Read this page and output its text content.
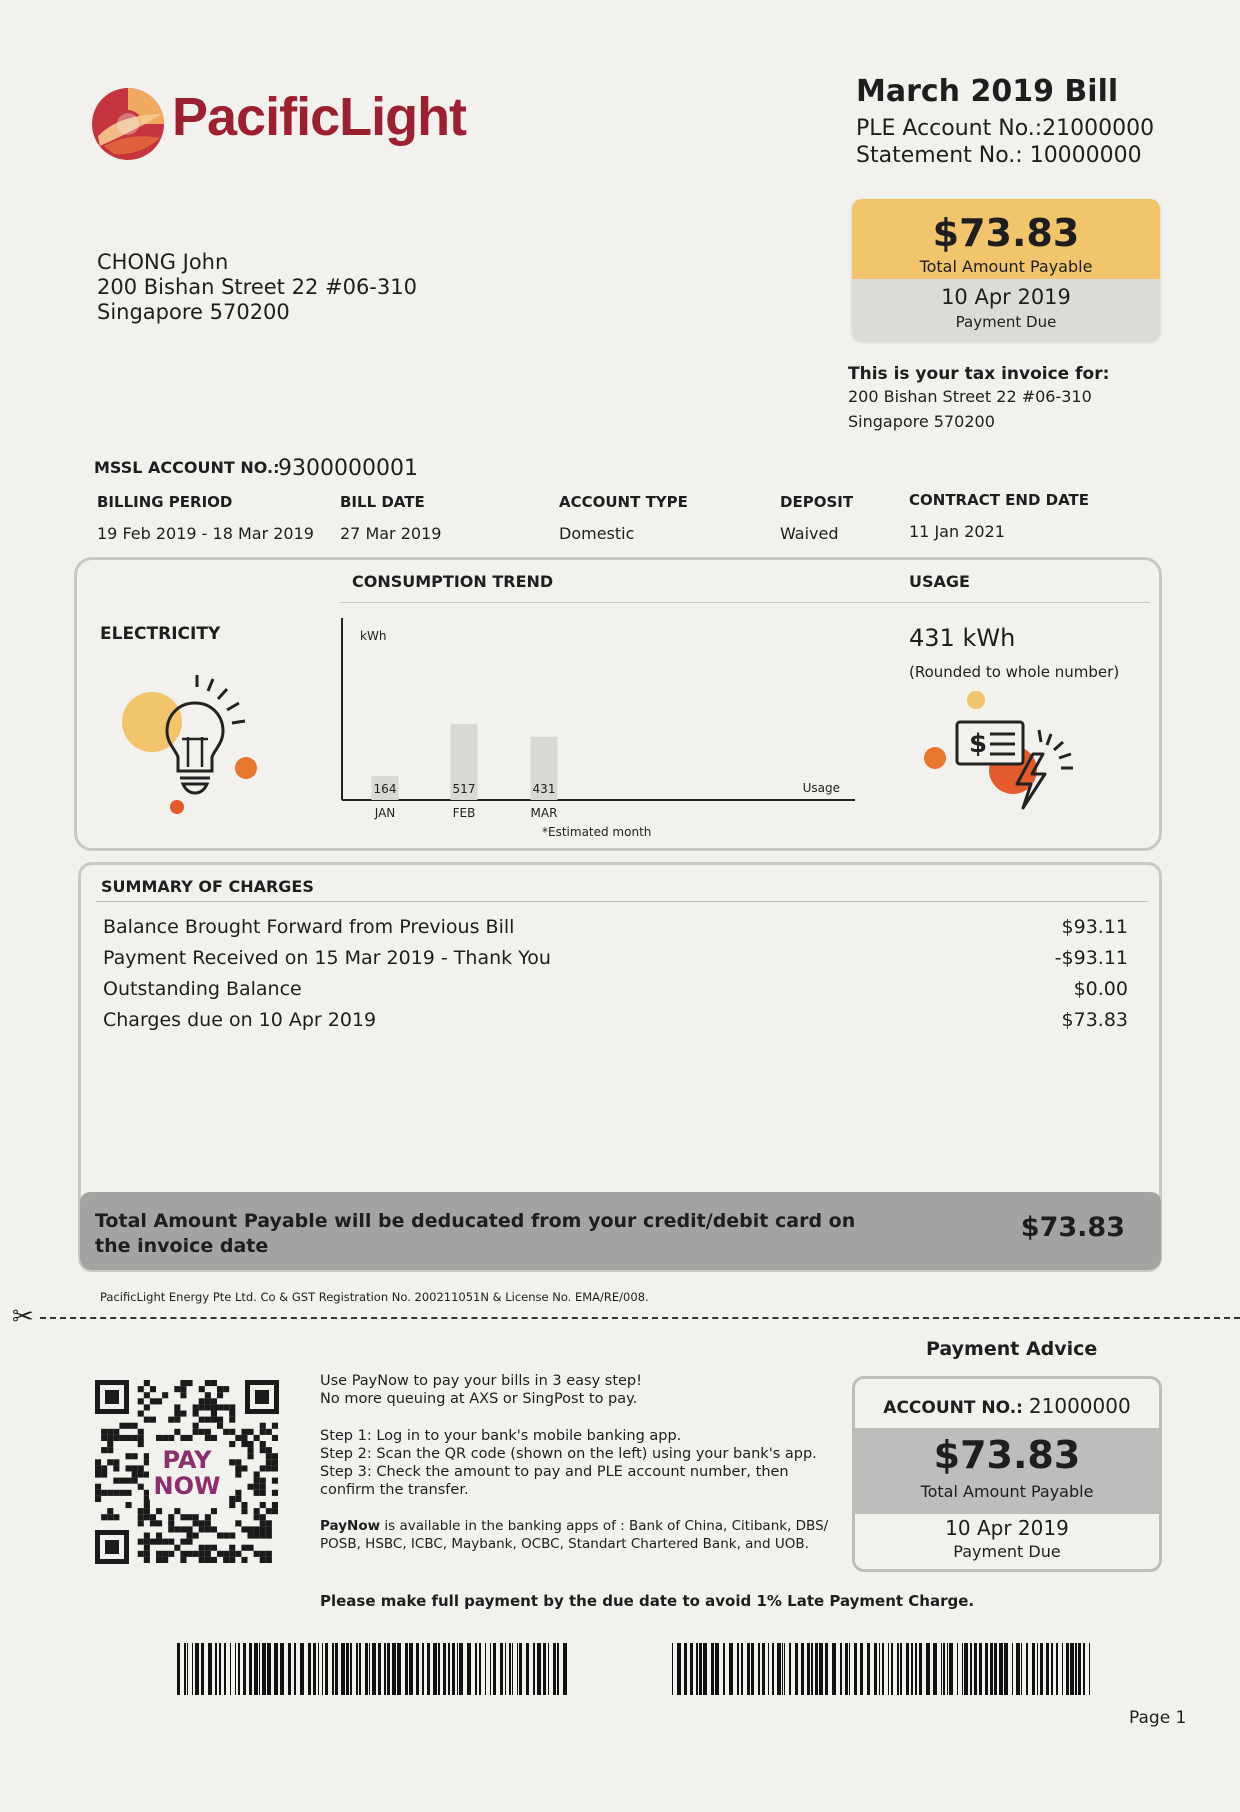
PacificLight	March 2019 Bill
PLE Account No.:21000000
Statement No.: 10000000
CHONG John
200 Bishan Street 22 #06-310
Singapore 570200
$73.83
Total Amount Payable
10 Apr 2019
Payment Due
This is your tax invoice for:
200 Bishan Street 22 #06-310
Singapore 570200
MSSL ACCOUNT NO.:
9300000001
BILLING PERIOD
19 Feb 2019 - 18 Mar 2019
BILL DATE
27 Mar 2019
ACCOUNT TYPE
Domestic
DEPOSIT
Waived
CONTRACT END DATE
11 Jan 2021
CONSUMPTION TREND	USAGE
ELECTRICITY	431 kWh
(Rounded to whole number)
kWh
Usage
164
JAN
517
FEB
431
MAR
*Estimated month
$
SUMMARY OF CHARGES
Balance Brought Forward from Previous Bill	$93.11
Payment Received on 15 Mar 2019 - Thank You	-$93.11
Outstanding Balance	$0.00
Charges due on 10 Apr 2019	$73.83
Total Amount Payable will be deducated from your credit/debit card on the invoice date
$73.83
PacificLight Energy Pte Ltd. Co & GST Registration No. 200211051N & License No. EMA/RE/008.
✂
Payment Advice
ACCOUNT NO.: 21000000
$73.83
Total Amount Payable
10 Apr 2019
Payment Due
PAY
NOW
Use PayNow to pay your bills in 3 easy step!
No more queuing at AXS or SingPost to pay.
Step 1: Log in to your bank's mobile banking app.
Step 2: Scan the QR code (shown on the left) using your bank's app.
Step 3: Check the amount to pay and PLE account number, then
confirm the transfer.
PayNow is available in the banking apps of : Bank of China, Citibank, DBS/
POSB, HSBC, ICBC, Maybank, OCBC, Standart Chartered Bank, and UOB.
Please make full payment by the due date to avoid 1% Late Payment Charge.
Page 1
